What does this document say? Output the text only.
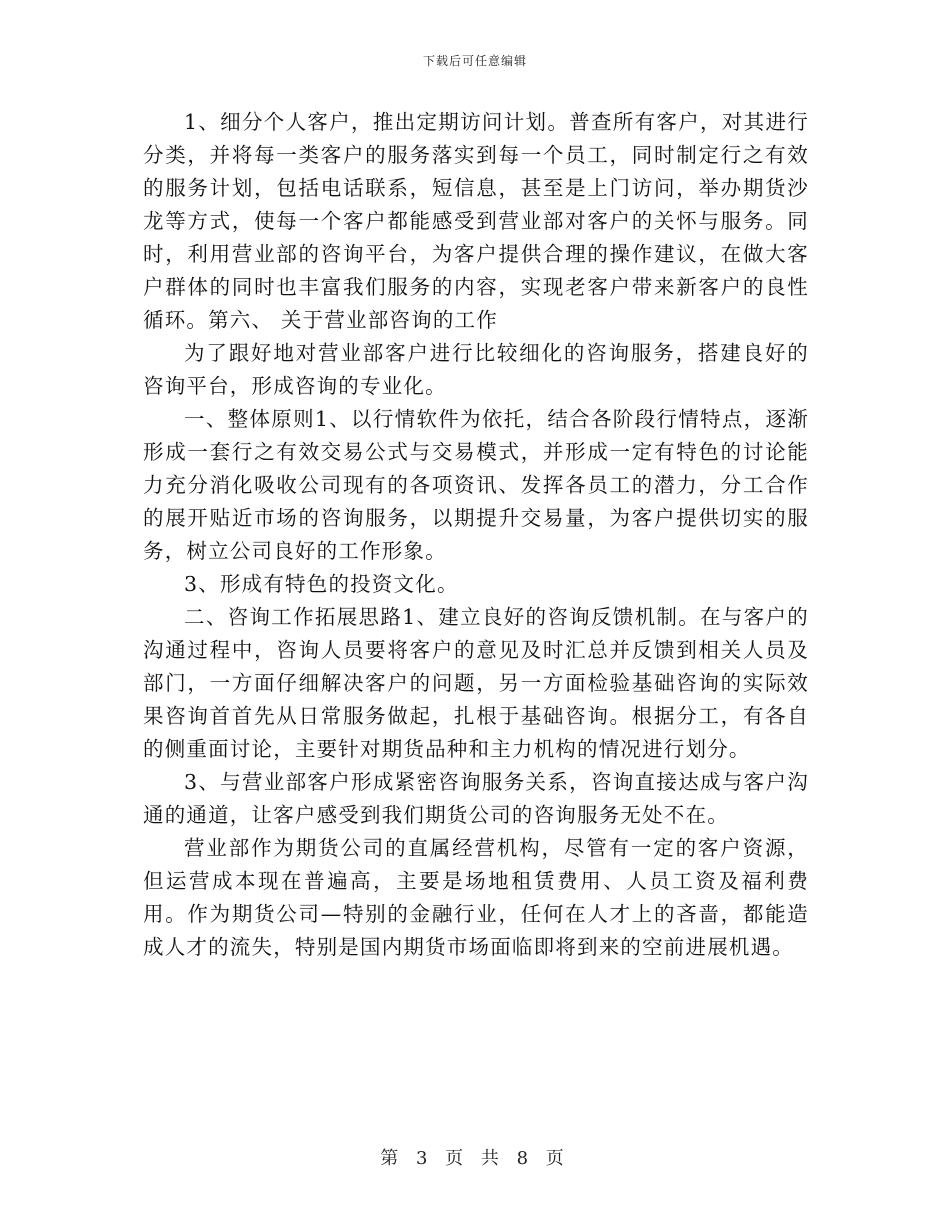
下载后可任意编辑

1、细分个人客户，推出定期访问计划。普查所有客户，对其进行分类，并将每一类客户的服务落实到每一个员工，同时制定行之有效的服务计划，包括电话联系，短信息，甚至是上门访问，举办期货沙龙等方式，使每一个客户都能感受到营业部对客户的关怀与服务。同时，利用营业部的咨询平台，为客户提供合理的操作建议，在做大客户群体的同时也丰富我们服务的内容，实现老客户带来新客户的良性循环。第六、 关于营业部咨询的工作

为了跟好地对营业部客户进行比较细化的咨询服务，搭建良好的咨询平台，形成咨询的专业化。

一、整体原则1、以行情软件为依托，结合各阶段行情特点，逐渐形成一套行之有效交易公式与交易模式，并形成一定有特色的讨论能力充分消化吸收公司现有的各项资讯、发挥各员工的潜力，分工合作的展开贴近市场的咨询服务，以期提升交易量，为客户提供切实的服务，树立公司良好的工作形象。

3、形成有特色的投资文化。

二、咨询工作拓展思路1、建立良好的咨询反馈机制。在与客户的沟通过程中，咨询人员要将客户的意见及时汇总并反馈到相关人员及部门，一方面仔细解决客户的问题，另一方面检验基础咨询的实际效果咨询首首先从日常服务做起，扎根于基础咨询。根据分工，有各自的侧重面讨论，主要针对期货品种和主力机构的情况进行划分。

3、与营业部客户形成紧密咨询服务关系，咨询直接达成与客户沟通的通道，让客户感受到我们期货公司的咨询服务无处不在。

营业部作为期货公司的直属经营机构，尽管有一定的客户资源，但运营成本现在普遍高，主要是场地租赁费用、人员工资及福利费用。作为期货公司—特别的金融行业，任何在人才上的吝啬，都能造成人才的流失，特别是国内期货市场面临即将到来的空前进展机遇。

第 3 页 共 8 页
